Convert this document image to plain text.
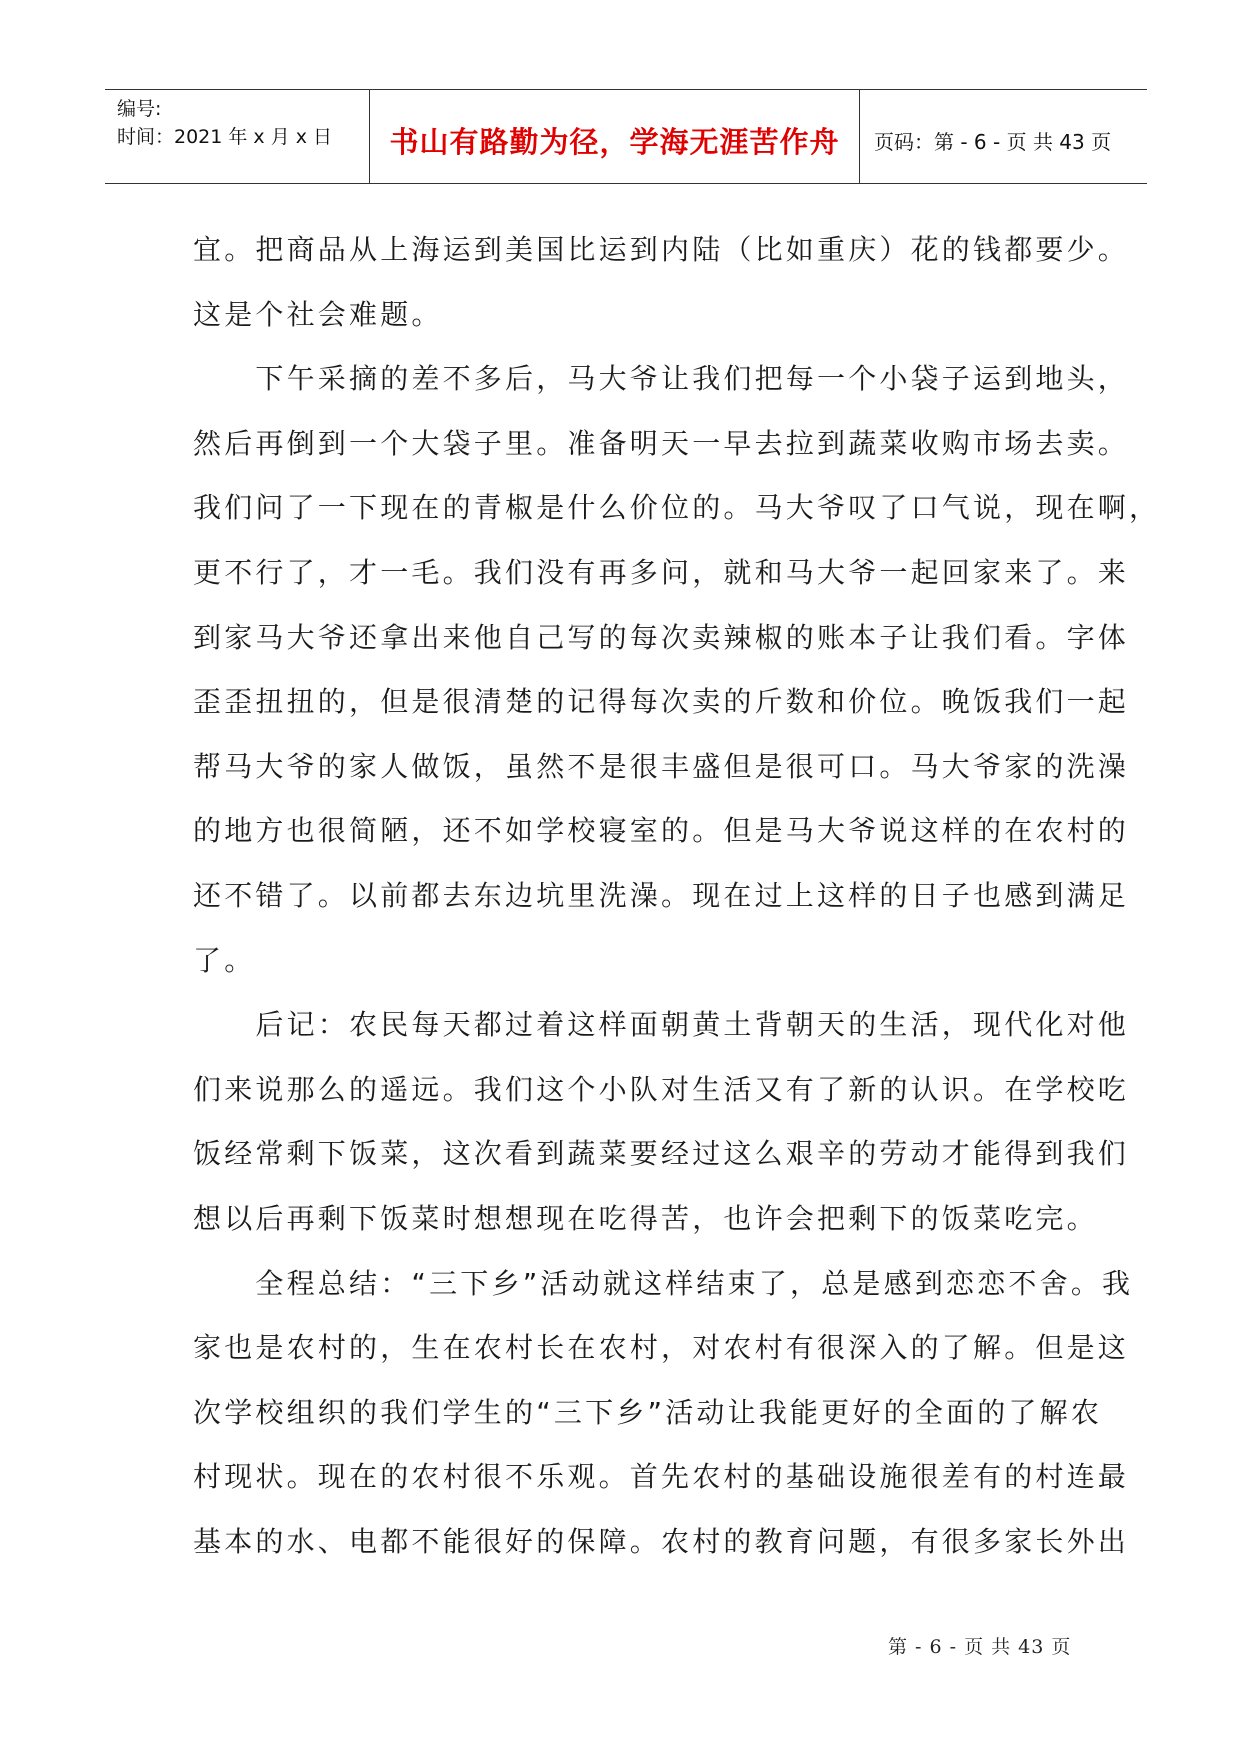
编号:
时间：2021 年 x 月 x 日	书山有路勤为径，学海无涯苦作舟	页码：第 - 6 - 页 共 43 页
宜。把商品从上海运到美国比运到内陆（比如重庆）花的钱都要少。
这是个社会难题。
　　下午采摘的差不多后，马大爷让我们把每一个小袋子运到地头，
然后再倒到一个大袋子里。准备明天一早去拉到蔬菜收购市场去卖。
我们问了一下现在的青椒是什么价位的。马大爷叹了口气说，现在啊，
更不行了，才一毛。我们没有再多问，就和马大爷一起回家来了。来
到家马大爷还拿出来他自己写的每次卖辣椒的账本子让我们看。字体
歪歪扭扭的，但是很清楚的记得每次卖的斤数和价位。晚饭我们一起
帮马大爷的家人做饭，虽然不是很丰盛但是很可口。马大爷家的洗澡
的地方也很简陋，还不如学校寝室的。但是马大爷说这样的在农村的
还不错了。以前都去东边坑里洗澡。现在过上这样的日子也感到满足
了。
　　后记：农民每天都过着这样面朝黄土背朝天的生活，现代化对他
们来说那么的遥远。我们这个小队对生活又有了新的认识。在学校吃
饭经常剩下饭菜，这次看到蔬菜要经过这么艰辛的劳动才能得到我们
想以后再剩下饭菜时想想现在吃得苦，也许会把剩下的饭菜吃完。
　　全程总结：“三下乡”活动就这样结束了，总是感到恋恋不舍。我
家也是农村的，生在农村长在农村，对农村有很深入的了解。但是这
次学校组织的我们学生的“三下乡”活动让我能更好的全面的了解农
村现状。现在的农村很不乐观。首先农村的基础设施很差有的村连最
基本的水、电都不能很好的保障。农村的教育问题，有很多家长外出
第 - 6 - 页 共 43 页
